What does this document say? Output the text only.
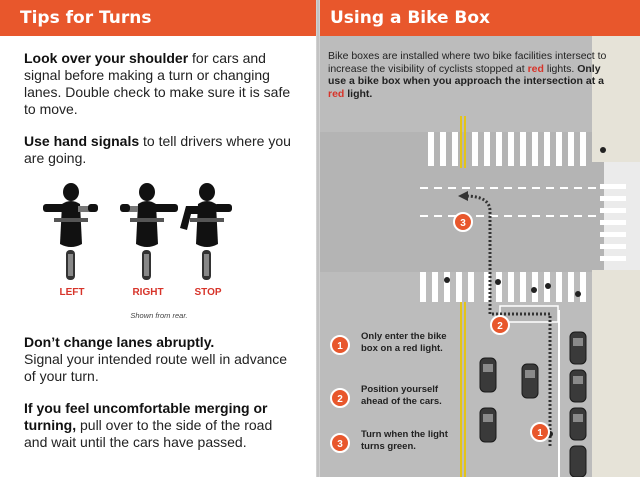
Tips for Turns

Look over your shoulder for cars and signal before making a turn or changing lanes. Double check to make sure it is safe to move.

Use hand signals to tell drivers where you are going.

LEFT	RIGHT	STOP
Shown from rear.

Don’t change lanes abruptly.
Signal your intended route well in advance of your turn.

If you feel uncomfortable merging or turning, pull over to the side of the road and wait until the cars have passed.

3
2
1
Using a Bike Box

Bike boxes are installed where two bike facilities intersect to increase the visibility of cyclists stopped at red lights. Only use a bike box when you approach the intersection at a red light.

1
Only enter the bike box on a red light.
2
Position yourself ahead of the cars.
3
Turn when the light turns green.
